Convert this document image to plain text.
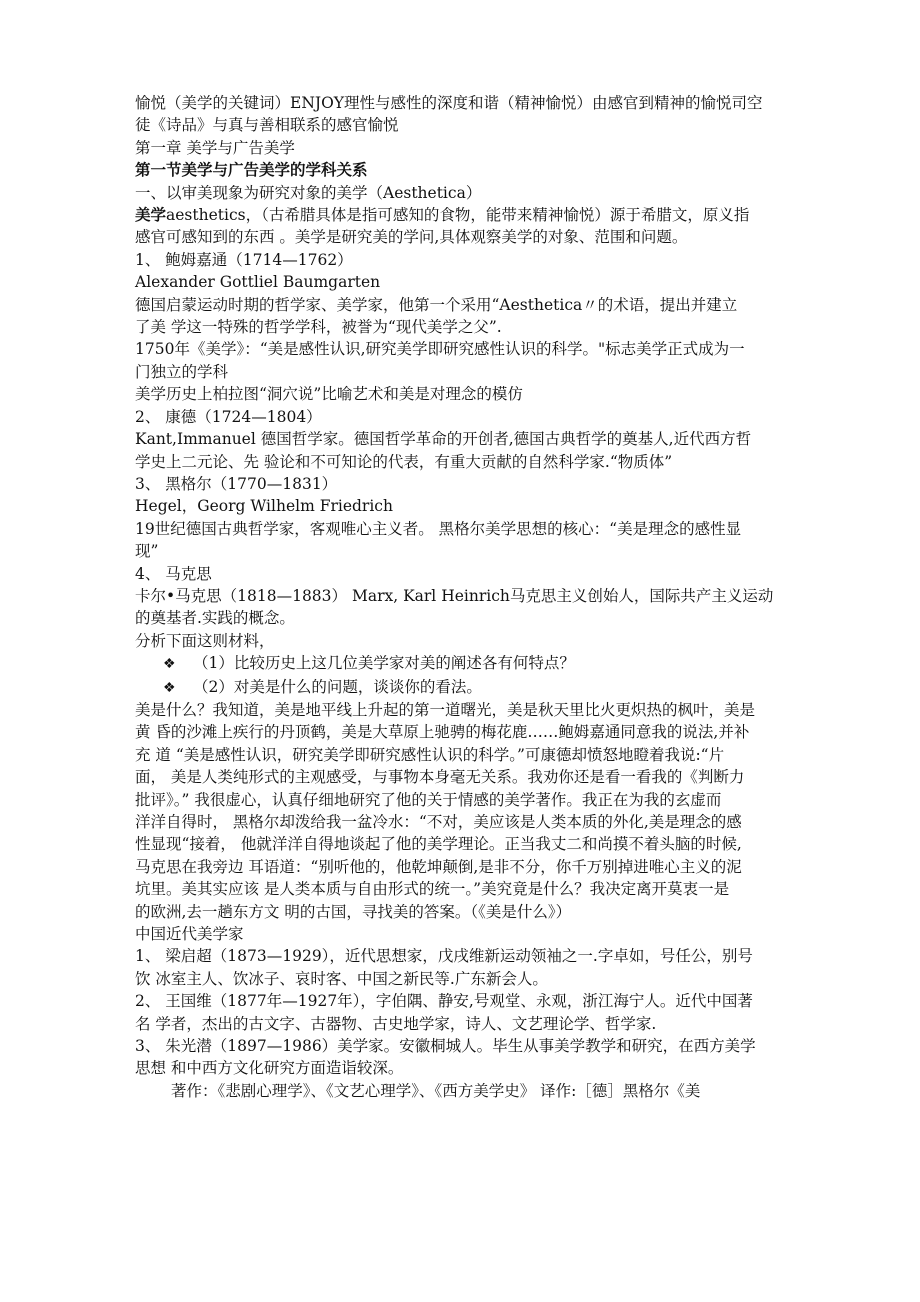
愉悦（美学的关键词）ENJOY理性与感性的深度和谐（精神愉悦）由感官到精神的愉悦司空

徒《诗品》与真与善相联系的感官愉悦

第一章 美学与广告美学

第一节美学与广告美学的学科关系

一、以审美现象为研究对象的美学（Aesthetica）

美学aesthetics，（古希腊具体是指可感知的食物，能带来精神愉悦）源于希腊文，原义指

感官可感知到的东西 。美学是研究美的学问,具体观察美学的对象、范围和问题。

1、 鲍姆嘉通（1714—1762）

Alexander Gottliel Baumgarten

德国启蒙运动时期的哲学家、美学家，他第一个采用“Aesthetica〃的术语，提出并建立

了美 学这一特殊的哲学学科，被誉为“现代美学之父”.

1750年《美学》：“美是感性认识,研究美学即研究感性认识的科学。"标志美学正式成为一

门独立的学科

美学历史上柏拉图“洞穴说”比喻艺术和美是对理念的模仿

2、 康德（1724—1804）

Kant,Immanuel 德国哲学家。德国哲学革命的开创者,德国古典哲学的奠基人,近代西方哲

学史上二元论、先 验论和不可知论的代表，有重大贡献的自然科学家.“物质体”

3、 黑格尔（1770—1831）

Hegel，Georg Wilhelm Friedrich

19世纪德国古典哲学家，客观唯心主义者。 黑格尔美学思想的核心：“美是理念的感性显

现”

4、 马克思

卡尔•马克思（1818—1883） Marx, Karl Heinrich马克思主义创始人，国际共产主义运动

的奠基者.实践的概念。

分析下面这则材料，

❖ （1）比较历史上这几位美学家对美的阐述各有何特点？

❖ （2）对美是什么的问题，谈谈你的看法。

美是什么？我知道，美是地平线上升起的第一道曙光，美是秋天里比火更炽热的枫叶，美是

黄 昏的沙滩上疾行的丹顶鹤，美是大草原上驰骋的梅花鹿……鲍姆嘉通同意我的说法,并补

充 道 “美是感性认识，研究美学即研究感性认识的科学。”可康德却愤怒地瞪着我说:“片

面， 美是人类纯形式的主观感受，与事物本身毫无关系。我劝你还是看一看我的《判断力

批评》。” 我很虚心，认真仔细地研究了他的关于情感的美学著作。我正在为我的玄虚而

洋洋自得时， 黑格尔却泼给我一盆冷水：“不对，美应该是人类本质的外化,美是理念的感

性显现“接着， 他就洋洋自得地谈起了他的美学理论。正当我丈二和尚摸不着头脑的时候,

马克思在我旁边 耳语道：“别听他的，他乾坤颠倒,是非不分，你千万别掉进唯心主义的泥

坑里。美其实应该 是人类本质与自由形式的统一。”美究竟是什么？我决定离开莫衷一是

的欧洲,去一趟东方文 明的古国，寻找美的答案。（《美是什么》）

中国近代美学家

1、 梁启超（1873—1929），近代思想家，戊戌维新运动领袖之一.字卓如，号任公，别号

饮 冰室主人、饮冰子、哀时客、中国之新民等.广东新会人。

2、 王国维（1877年—1927年），字伯隅、静安,号观堂、永观，浙江海宁人。近代中国著

名 学者，杰出的古文字、古器物、古史地学家，诗人、文艺理论学、哲学家.

3、 朱光潜（1897—1986）美学家。安徽桐城人。毕生从事美学教学和研究，在西方美学

思想 和中西方文化研究方面造诣较深。

著作：《悲剧心理学》、《文艺心理学》、《西方美学史》 译作:［德］黑格尔《美
